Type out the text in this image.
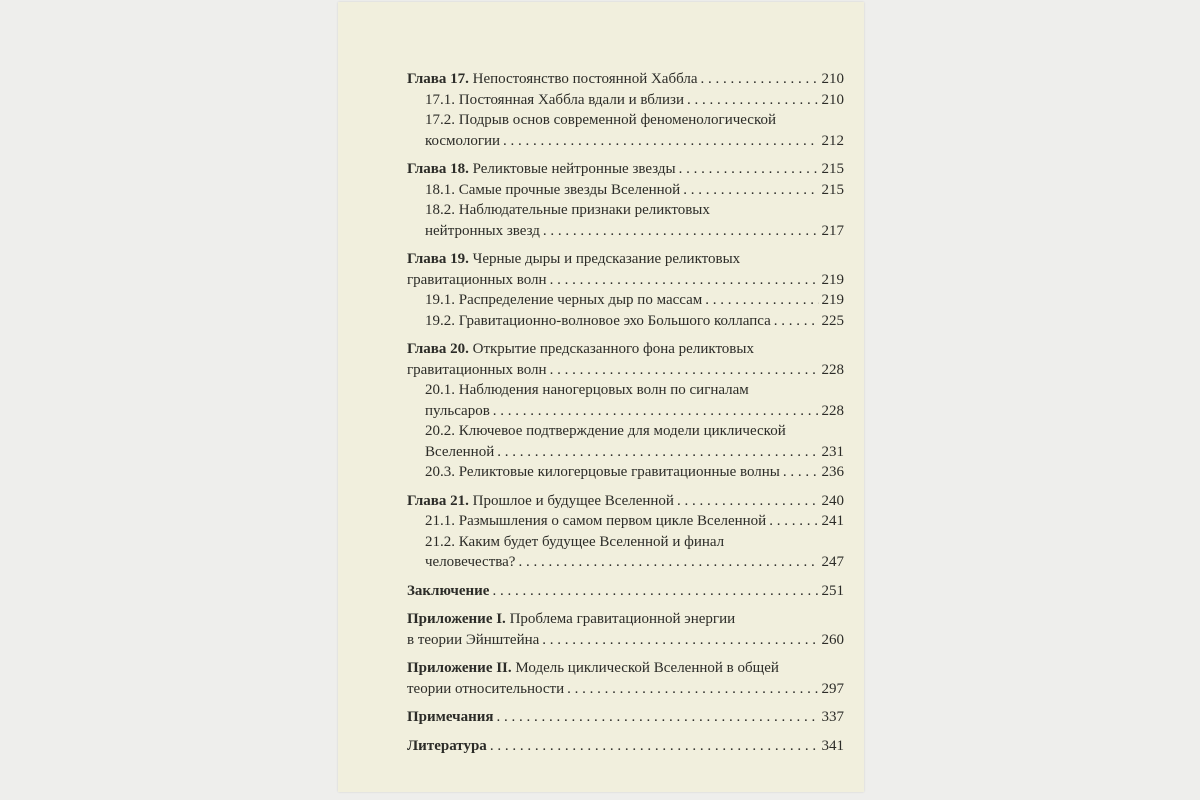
Глава 17. Непостоянство постоянной Хаббла . . .	210
17.1. Постоянная Хаббла вдали и вблизи . . .	210
17.2. Подрыв основ современной феноменологической
космологии . . .	212
Глава 18. Реликтовые нейтронные звезды . . .	215
18.1. Самые прочные звезды Вселенной . . .	215
18.2. Наблюдательные признаки реликтовых
нейтронных звезд . . .	217
Глава 19. Черные дыры и предсказание реликтовых
гравитационных волн . . .	219
19.1. Распределение черных дыр по массам . . .	219
19.2. Гравитационно-волновое эхо Большого коллапса . . .	225
Глава 20. Открытие предсказанного фона реликтовых
гравитационных волн . . .	228
20.1. Наблюдения наногерцовых волн по сигналам
пульсаров . . .	228
20.2. Ключевое подтверждение для модели циклической
Вселенной . . .	231
20.3. Реликтовые килогерцовые гравитационные волны . . .	236
Глава 21. Прошлое и будущее Вселенной . . .	240
21.1. Размышления о самом первом цикле Вселенной . . .	241
21.2. Каким будет будущее Вселенной и финал
человечества? . . .	247
Заключение . . .	251
Приложение I. Проблема гравитационной энергии
в теории Эйнштейна . . .	260
Приложение II. Модель циклической Вселенной в общей
теории относительности . . .	297
Примечания . . .	337
Литература . . .	341
